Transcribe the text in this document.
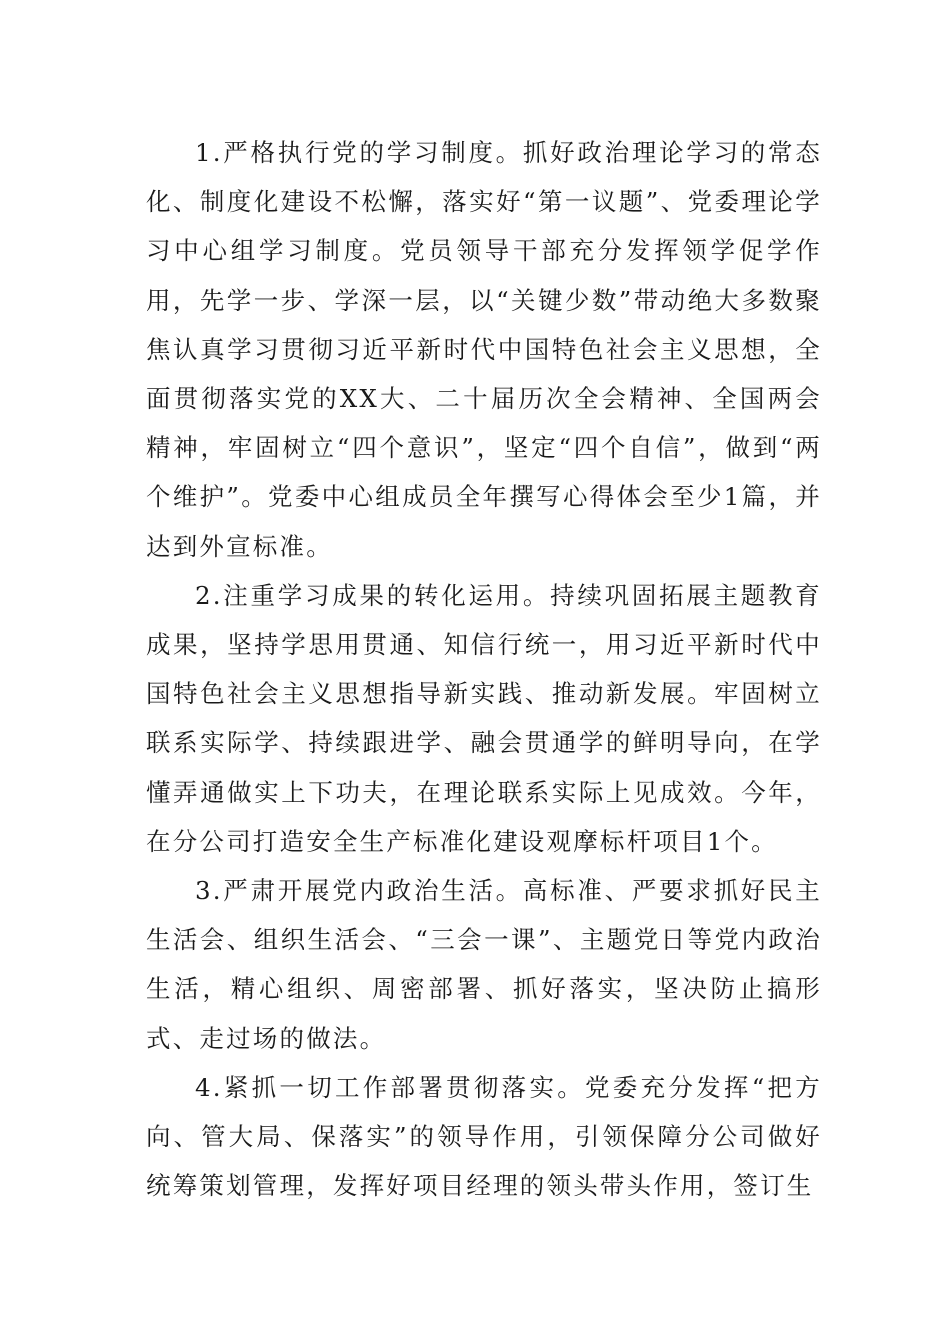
1.严格执行党的学习制度。抓好政治理论学习的常态化、制度化建设不松懈，落实好“第一议题”、党委理论学习中心组学习制度。党员领导干部充分发挥领学促学作用，先学一步、学深一层，以“关键少数”带动绝大多数聚焦认真学习贯彻习近平新时代中国特色社会主义思想，全面贯彻落实党的XX大、二十届历次全会精神、全国两会精神，牢固树立“四个意识”，坚定“四个自信”，做到“两个维护”。党委中心组成员全年撰写心得体会至少1篇，并达到外宣标准。

2.注重学习成果的转化运用。持续巩固拓展主题教育成果，坚持学思用贯通、知信行统一，用习近平新时代中国特色社会主义思想指导新实践、推动新发展。牢固树立联系实际学、持续跟进学、融会贯通学的鲜明导向，在学懂弄通做实上下功夫，在理论联系实际上见成效。今年，在分公司打造安全生产标准化建设观摩标杆项目1个。

3.严肃开展党内政治生活。高标准、严要求抓好民主生活会、组织生活会、“三会一课”、主题党日等党内政治生活，精心组织、周密部署、抓好落实，坚决防止搞形式、走过场的做法。

4.紧抓一切工作部署贯彻落实。党委充分发挥“把方向、管大局、保落实”的领导作用，引领保障分公司做好统筹策划管理，发挥好项目经理的领头带头作用，签订生
